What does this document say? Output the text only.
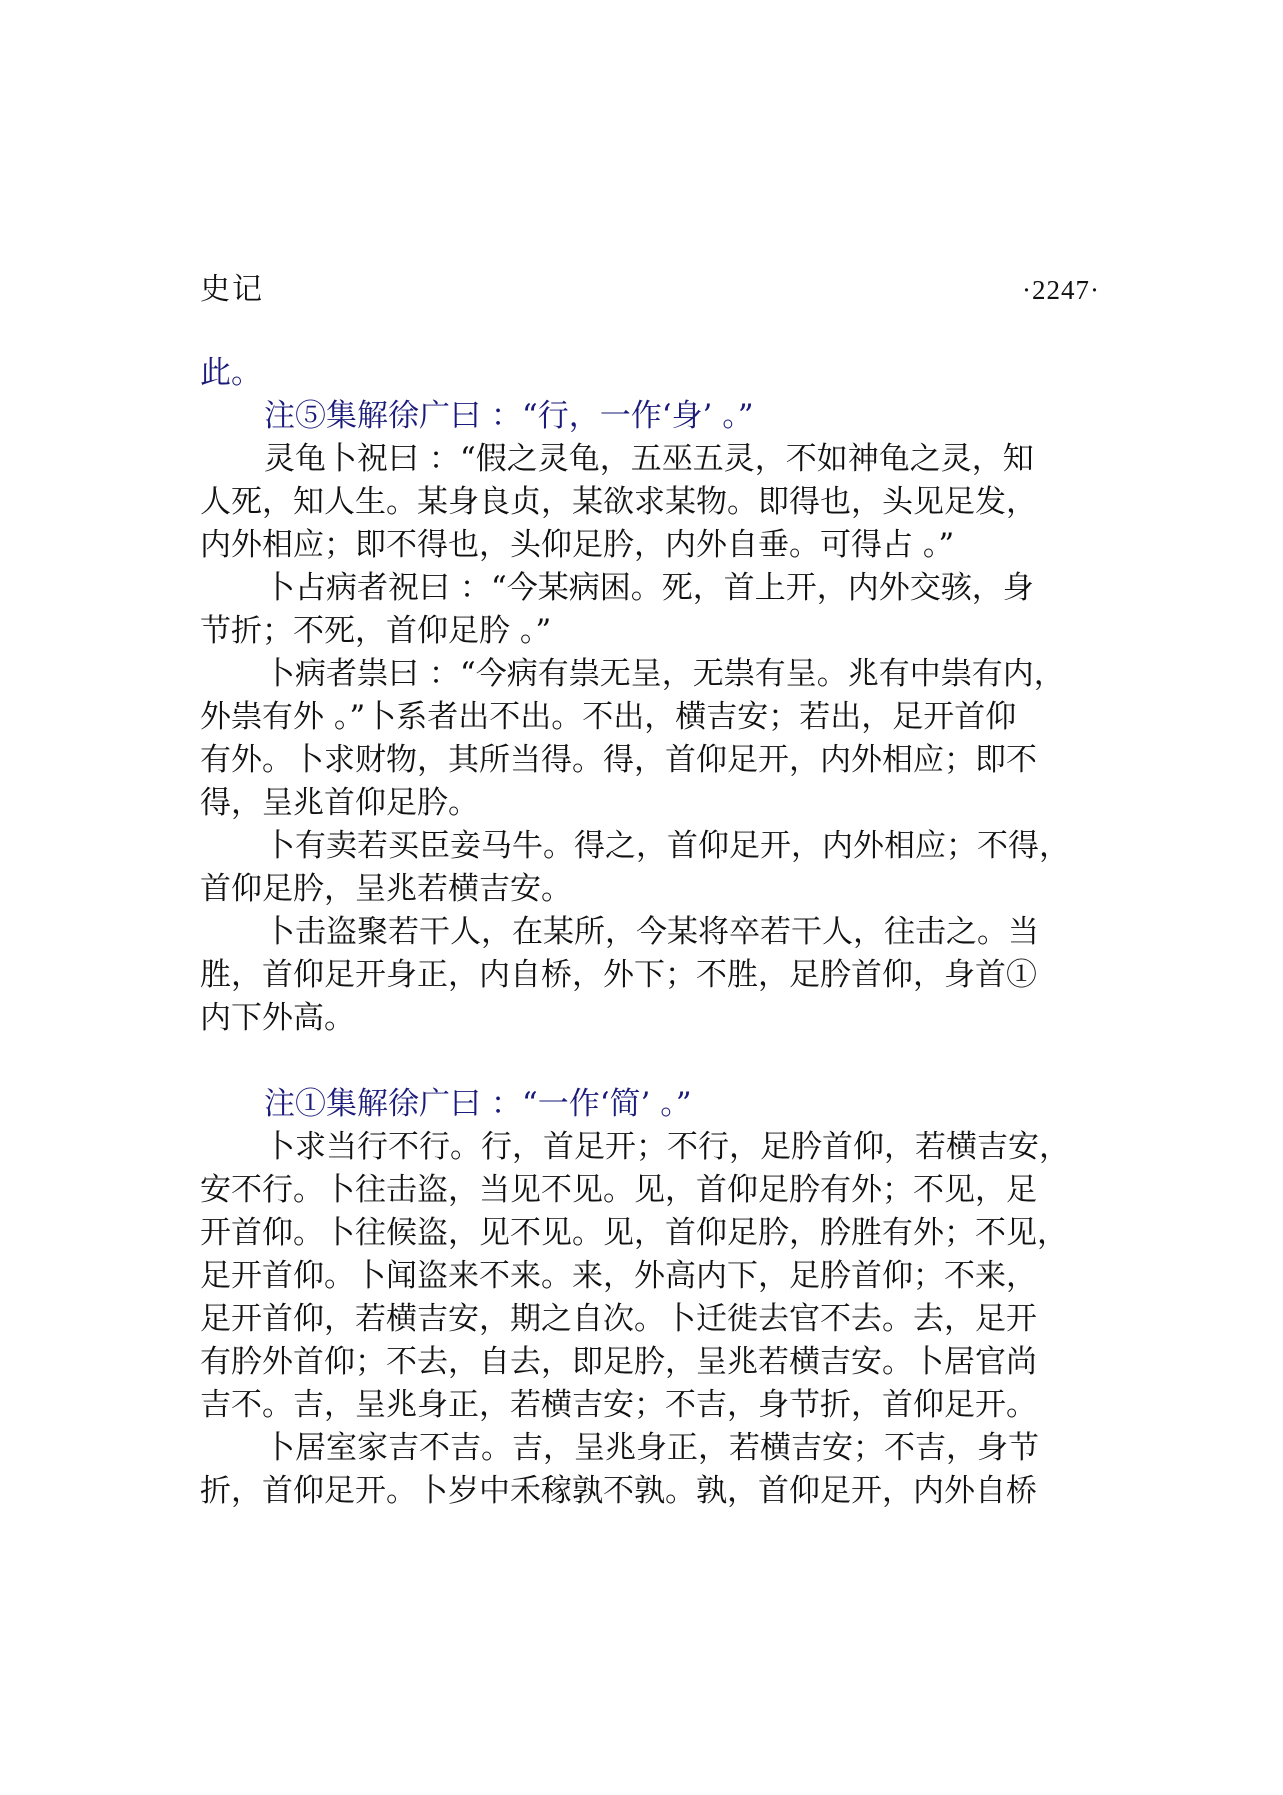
史记	·2247·
此。
注⑤集解徐广曰 ：“行，一作‘身’ 。”
灵龟卜祝曰 ：“假之灵龟，五巫五灵，不如神龟之灵，知
人死，知人生。某身良贞，某欲求某物。即得也，头见足发，
内外相应；即不得也，头仰足肣，内外自垂。可得占 。”
卜占病者祝曰 ：“今某病困。死，首上开，内外交骇，身
节折；不死，首仰足肣 。”
卜病者祟曰 ：“今病有祟无呈，无祟有呈。兆有中祟有内，
外祟有外 。”卜系者出不出。不出，横吉安；若出，足开首仰
有外。卜求财物，其所当得。得，首仰足开，内外相应；即不
得，呈兆首仰足肣。
卜有卖若买臣妾马牛。得之，首仰足开，内外相应；不得，
首仰足肣，呈兆若横吉安。
卜击盗聚若干人，在某所，今某将卒若干人，往击之。当
胜，首仰足开身正，内自桥，外下；不胜，足肣首仰，身首①
内下外高。
注①集解徐广曰 ：“一作‘简’ 。”
卜求当行不行。行，首足开；不行，足肣首仰，若横吉安，
安不行。卜往击盗，当见不见。见，首仰足肣有外；不见，足
开首仰。卜往候盗，见不见。见，首仰足肣，肣胜有外；不见，
足开首仰。卜闻盗来不来。来，外高内下，足肣首仰；不来，
足开首仰，若横吉安，期之自次。卜迁徙去官不去。去，足开
有肣外首仰；不去，自去，即足肣，呈兆若横吉安。卜居官尚
吉不。吉，呈兆身正，若横吉安；不吉，身节折，首仰足开。
卜居室家吉不吉。吉，呈兆身正，若横吉安；不吉，身节
折，首仰足开。卜岁中禾稼孰不孰。孰，首仰足开，内外自桥
